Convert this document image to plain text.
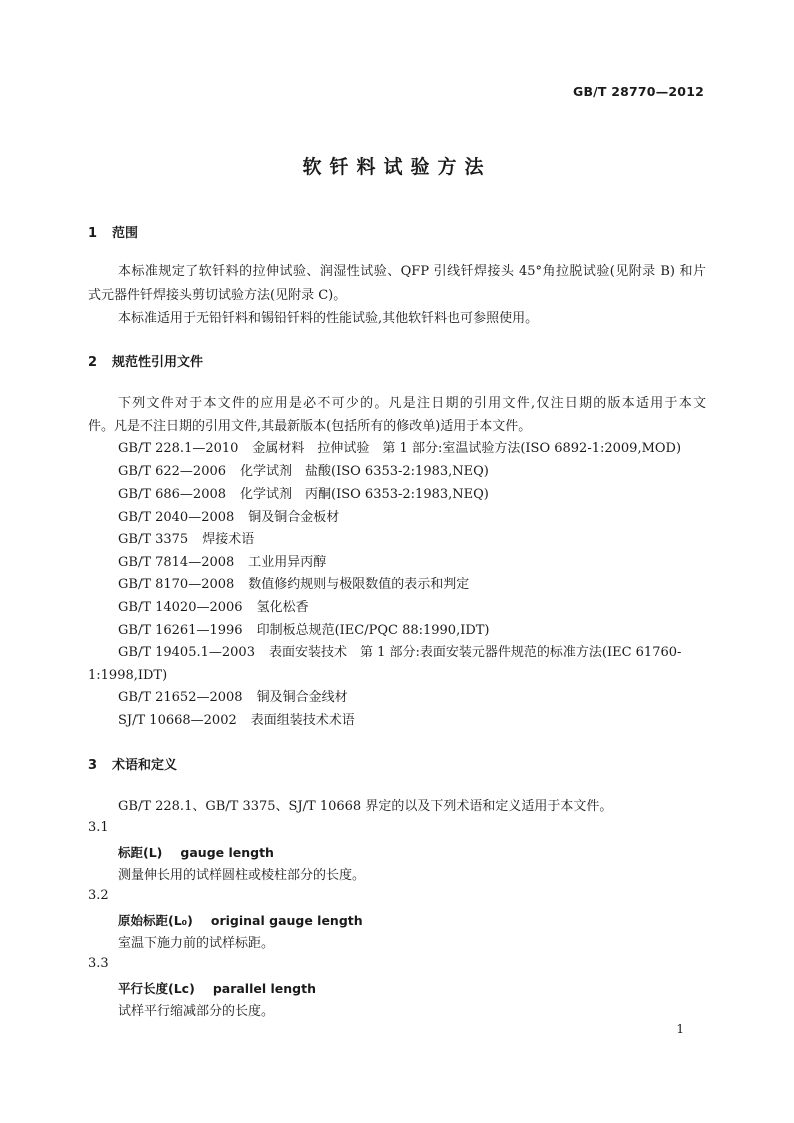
GB/T 28770—2012
软钎料试验方法
1 范围
本标准规定了软钎料的拉伸试验、润湿性试验、QFP 引线钎焊接头 45°角拉脱试验(见附录 B) 和片
式元器件钎焊接头剪切试验方法(见附录 C)。
本标准适用于无铅钎料和锡铅钎料的性能试验,其他软钎料也可参照使用。
2 规范性引用文件
下列文件对于本文件的应用是必不可少的。凡是注日期的引用文件,仅注日期的版本适用于本文
件。凡是不注日期的引用文件,其最新版本(包括所有的修改单)适用于本文件。
GB/T 228.1—2010 金属材料　拉伸试验　第 1 部分:室温试验方法(ISO 6892-1:2009,MOD)
GB/T 622—2006 化学试剂　盐酸(ISO 6353-2:1983,NEQ)
GB/T 686—2008 化学试剂　丙酮(ISO 6353-2:1983,NEQ)
GB/T 2040—2008 铜及铜合金板材
GB/T 3375 焊接术语
GB/T 7814—2008 工业用异丙醇
GB/T 8170—2008 数值修约规则与极限数值的表示和判定
GB/T 14020—2006 氢化松香
GB/T 16261—1996 印制板总规范(IEC/PQC 88:1990,IDT)
GB/T 19405.1—2003 表面安装技术　第 1 部分:表面安装元器件规范的标准方法(IEC 61760-
1:1998,IDT)
GB/T 21652—2008 铜及铜合金线材
SJ/T 10668—2002 表面组装技术术语
3 术语和定义
GB/T 228.1、GB/T 3375、SJ/T 10668 界定的以及下列术语和定义适用于本文件。
3.1
标距(L) gauge length
测量伸长用的试样圆柱或棱柱部分的长度。
3.2
原始标距(L₀) original gauge length
室温下施力前的试样标距。
3.3
平行长度(Lc) parallel length
试样平行缩减部分的长度。
1
